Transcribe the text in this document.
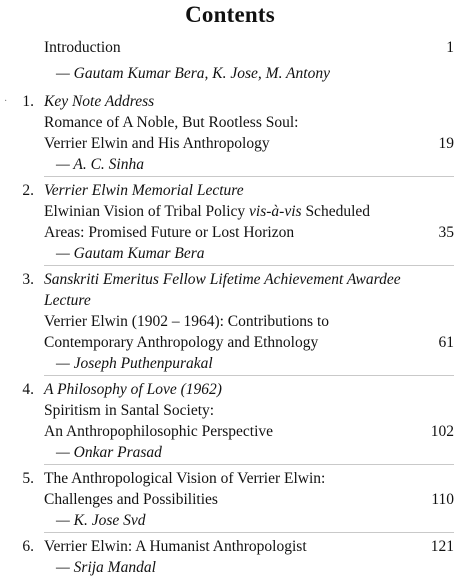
Contents
Introduction	1
— Gautam Kumar Bera, K. Jose, M. Antony
· 1. Key Note Address
Romance of A Noble, But Rootless Soul:
Verrier Elwin and His Anthropology	19
— A. C. Sinha
2. Verrier Elwin Memorial Lecture
Elwinian Vision of Tribal Policy vis-à-vis Scheduled
Areas: Promised Future or Lost Horizon	35
— Gautam Kumar Bera
3. Sanskriti Emeritus Fellow Lifetime Achievement Awardee
Lecture
Verrier Elwin (1902 – 1964): Contributions to
Contemporary Anthropology and Ethnology	61
— Joseph Puthenpurakal
4. A Philosophy of Love (1962)
Spiritism in Santal Society:
An Anthropophilosophic Perspective	102
— Onkar Prasad
5. The Anthropological Vision of Verrier Elwin:
Challenges and Possibilities	110
— K. Jose Svd
6. Verrier Elwin: A Humanist Anthropologist	121
— Srija Mandal
